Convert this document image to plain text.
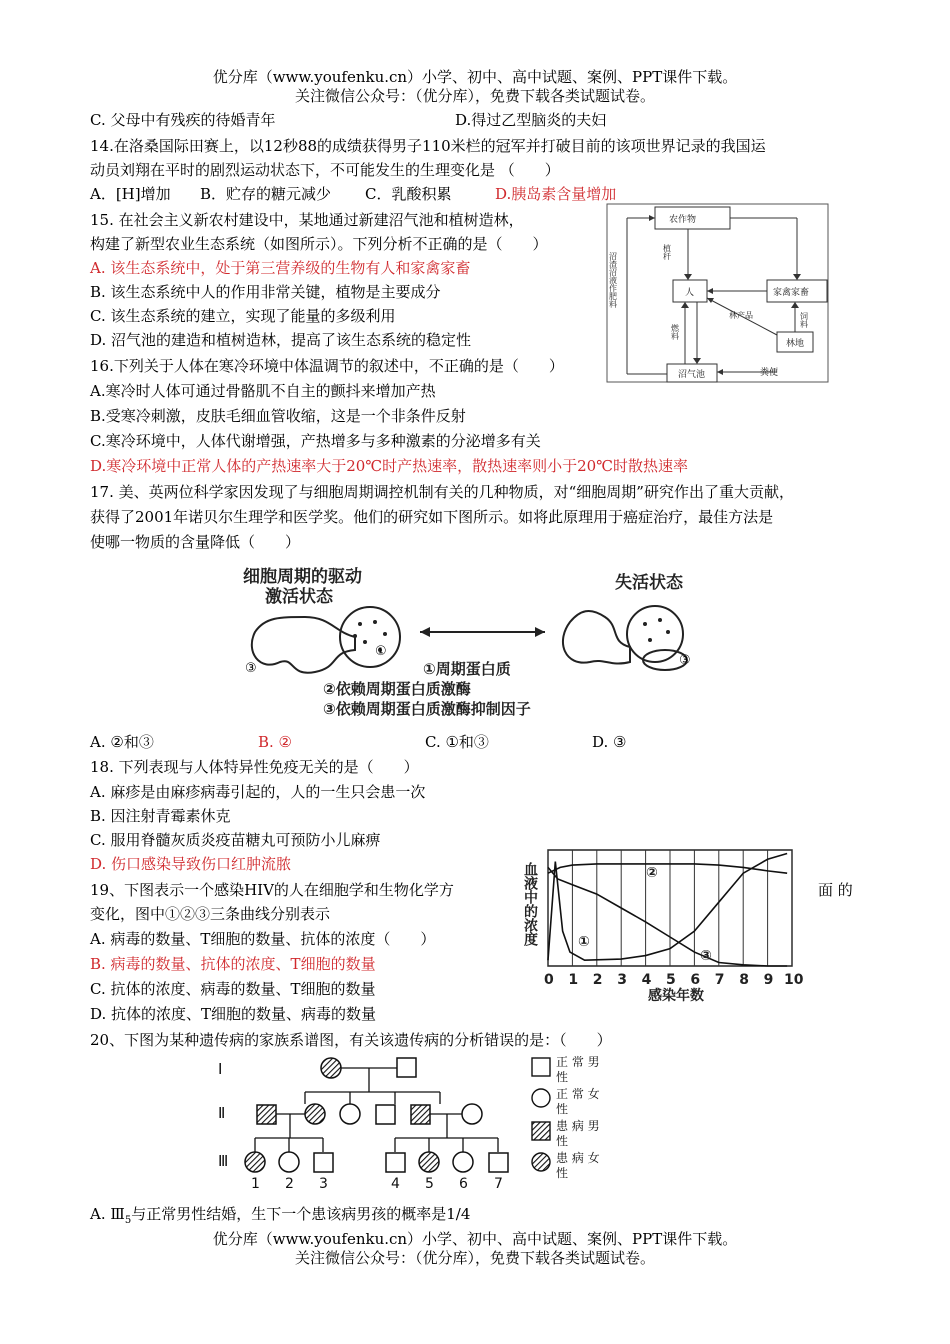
优分库（www.youfenku.cn）小学、初中、高中试题、案例、PPT课件下载。
关注微信公众号：（优分库），免费下载各类试题试卷。
C. 父母中有残疾的待婚青年	D.得过乙型脑炎的夫妇
14.在洛桑国际田赛上，以12秒88的成绩获得男子110米栏的冠军并打破目前的该项世界记录的我国运
动员刘翔在平时的剧烈运动状态下，不可能发生的生理变化是 （　　）
A．[H]增加 B．贮存的糖元减少 C．乳酸积累	D.胰岛素含量增加
15. 在社会主义新农村建设中，某地通过新建沼气池和植树造林，
构建了新型农业生态系统（如图所示）。下列分析不正确的是（　　）
A. 该生态系统中，处于第三营养级的生物有人和家禽家畜
B. 该生态系统中人的作用非常关键，植物是主要成分
C. 该生态系统的建立，实现了能量的多级利用
D. 沼气池的建造和植树造林，提高了该生态系统的稳定性
农作物
人	家禽家畜
林地
沼气池	粪便
林产品
沼渣沼液作肥料	植秆
燃料
饲料
16.下列关于人体在寒冷环境中体温调节的叙述中，不正确的是（　　）
A.寒冷时人体可通过骨骼肌不自主的颤抖来增加产热
B.受寒冷刺激，皮肤毛细血管收缩，这是一个非条件反射
C.寒冷环境中，人体代谢增强，产热增多与多种激素的分泌增多有关
D.寒冷环境中正常人体的产热速率大于20℃时产热速率，散热速率则小于20℃时散热速率
17. 美、英两位科学家因发现了与细胞周期调控机制有关的几种物质，对“细胞周期”研究作出了重大贡献，
获得了2001年诺贝尔生理学和医学奖。他们的研究如下图所示。如将此原理用于癌症治疗，最佳方法是
使哪一物质的含量降低（　　）
细胞周期的驱动
激活状态
失活状态
③
①
③
①周期蛋白质
②依赖周期蛋白质激酶
③依赖周期蛋白质激酶抑制因子
A. ②和③	B. ②	C. ①和③	D. ③
18. 下列表现与人体特异性免疫无关的是（　　）
A. 麻疹是由麻疹病毒引起的，人的一生只会患一次
B. 因注射青霉素休克
C. 服用脊髓灰质炎疫苗糖丸可预防小儿麻痹
D. 伤口感染导致伤口红肿流脓
19、下图表示一个感染HIV的人在细胞学和生物化学方	面 的
变化，图中①②③三条曲线分别表示
A. 病毒的数量、T细胞的数量、抗体的浓度（　　）
B. 病毒的数量、抗体的浓度、T细胞的数量
C. 抗体的浓度、病毒的数量、T细胞的数量
D. 抗体的浓度、T细胞的数量、病毒的数量
血液中的浓度
0 1 2 3 4 5 6 7 8 9 10
感染年数
②
①
③
20、下图为某种遗传病的家族系谱图，有关该遗传病的分析错误的是：（　　）
Ⅰ
Ⅱ
Ⅲ
1 2 3	4 5 6 7
正 常 男
性
正 常 女
性
患 病 男
性
患 病 女
性
A. $Ⅲ_5$与正常男性结婚，生下一个患该病男孩的概率是1/4
优分库（www.youfenku.cn）小学、初中、高中试题、案例、PPT课件下载。
关注微信公众号：（优分库），免费下载各类试题试卷。
